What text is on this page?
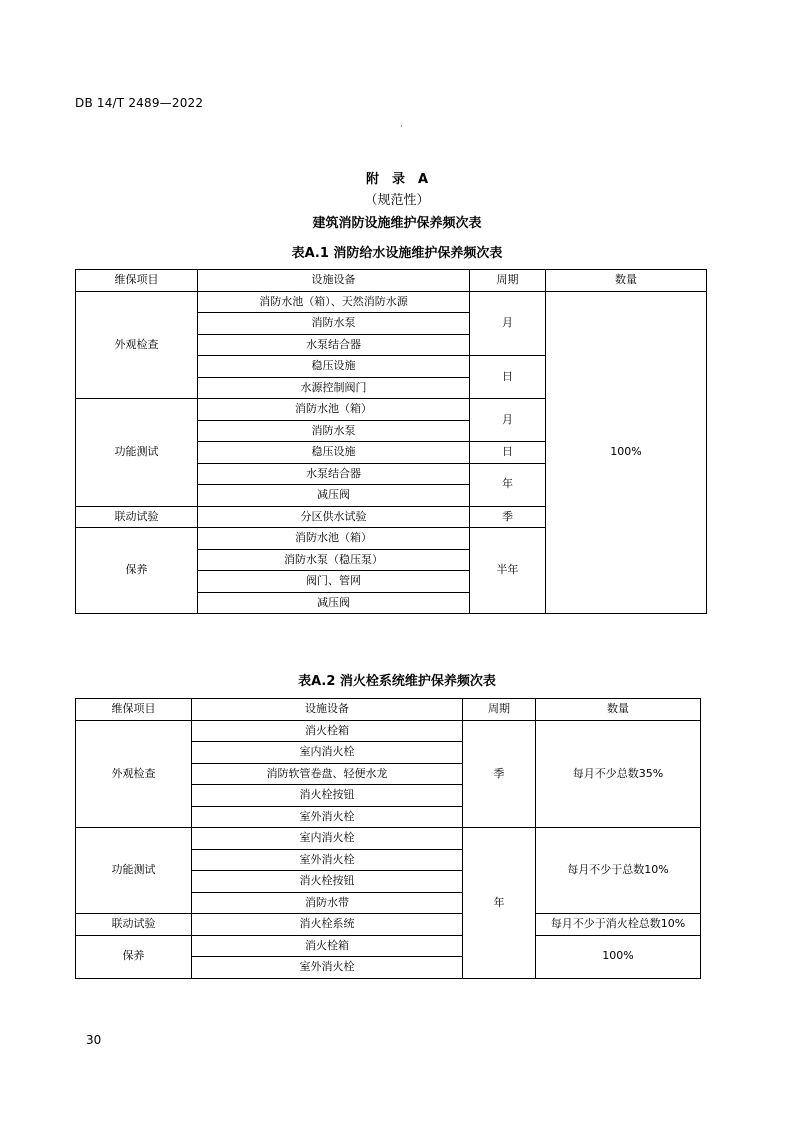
DB 14/T 2489—2022
·
附　录　A
（规范性）
建筑消防设施维护保养频次表
表A.1 消防给水设施维护保养频次表
维保项目	设施设备	周期	数量
外观检查	消防水池（箱）、天然消防水源	月	100%
	消防水泵		
	水泵结合器		
	稳压设施	日	
	水源控制阀门		
功能测试	消防水池（箱）	月	
	消防水泵		
	稳压设施	日	
	水泵结合器	年	
	减压阀		
联动试验	分区供水试验	季	
保养	消防水池（箱）	半年	
	消防水泵（稳压泵）		
	阀门、管网		
	减压阀		
表A.2 消火栓系统维护保养频次表
维保项目	设施设备	周期	数量
外观检查	消火栓箱	季	每月不少总数35%
	室内消火栓		
	消防软管卷盘、轻便水龙		
	消火栓按钮		
	室外消火栓		
功能测试	室内消火栓	年	每月不少于总数10%
	室外消火栓		
	消火栓按钮		
	消防水带		
联动试验	消火栓系统		每月不少于消火栓总数10%
保养	消火栓箱		100%
	室外消火栓		
30
